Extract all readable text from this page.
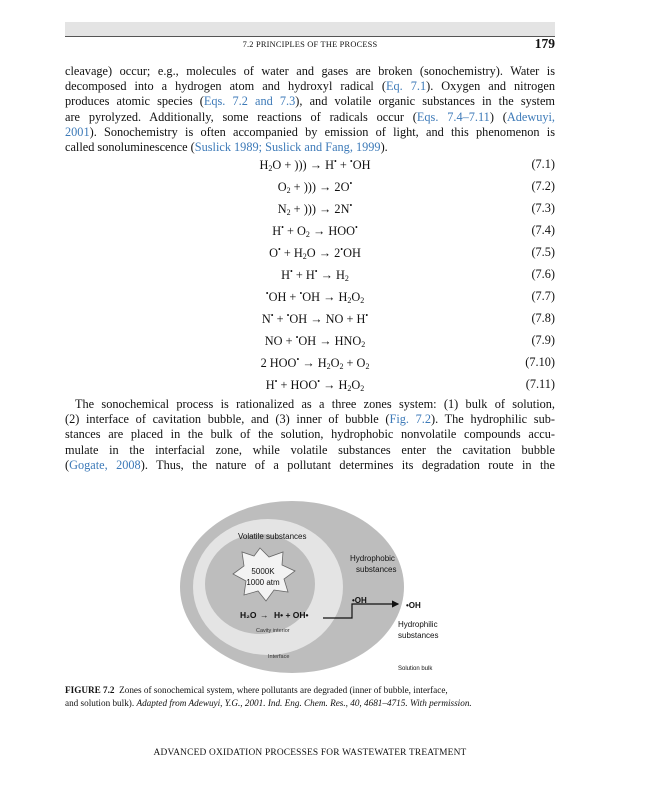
7.2 PRINCIPLES OF THE PROCESS	179
cleavage) occur; e.g., molecules of water and gases are broken (sonochemistry). Water is
decomposed into a hydrogen atom and hydroxyl radical (Eq. 7.1). Oxygen and nitrogen
produces atomic species (Eqs. 7.2 and 7.3), and volatile organic substances in the system
are pyrolyzed. Additionally, some reactions of radicals occur (Eqs. 7.4–7.11) (Adewuyi,
2001). Sonochemistry is often accompanied by emission of light, and this phenomenon is
called sonoluminescence (Suslick 1989; Suslick and Fang, 1999).
$H_2O$ + ))) → H• + •OH	(7.1)
$O_2$ + ))) → 2O•	(7.2)
$N_2$ + ))) → 2N•	(7.3)
$H^• + O_2 \to HOO^•$	(7.4)
$O^• + H_2O \to 2^•OH$	(7.5)
$H^• + H^• \to H_2$	(7.6)
$^•OH + ^•OH \to H_2O_2$	(7.7)
N• + •OH → NO + H•	(7.8)
NO + $^•OH \to HNO_2$	(7.9)
2 $HOO^• \to H_2O_2 + O_2$	(7.10)
$H^• + HOO^• \to H_2O_2$	(7.11)
The sonochemical process is rationalized as a three zones system: (1) bulk of solution,
(2) interface of cavitation bubble, and (3) inner of bubble (Fig. 7.2). The hydrophilic sub-
stances are placed in the bulk of the solution, hydrophobic nonvolatile compounds accu-
mulate in the interfacial zone, while volatile substances enter the cavitation bubble
(Gogate, 2008). Thus, the nature of a pollutant determines its degradation route in the
Volatile substances
5000K
1000 atm
H₂O → H• + OH•
Cavity interior
Interface
Hydrophobic
substances
•OH
•OH
Hydrophilic
substances
Solution bulk
FIGURE 7.2 Zones of sonochemical system, where pollutants are degraded (inner of bubble, interface,
and solution bulk). Adapted from Adewuyi, Y.G., 2001. Ind. Eng. Chem. Res., 40, 4681–4715. With permission.
ADVANCED OXIDATION PROCESSES FOR WASTEWATER TREATMENT
